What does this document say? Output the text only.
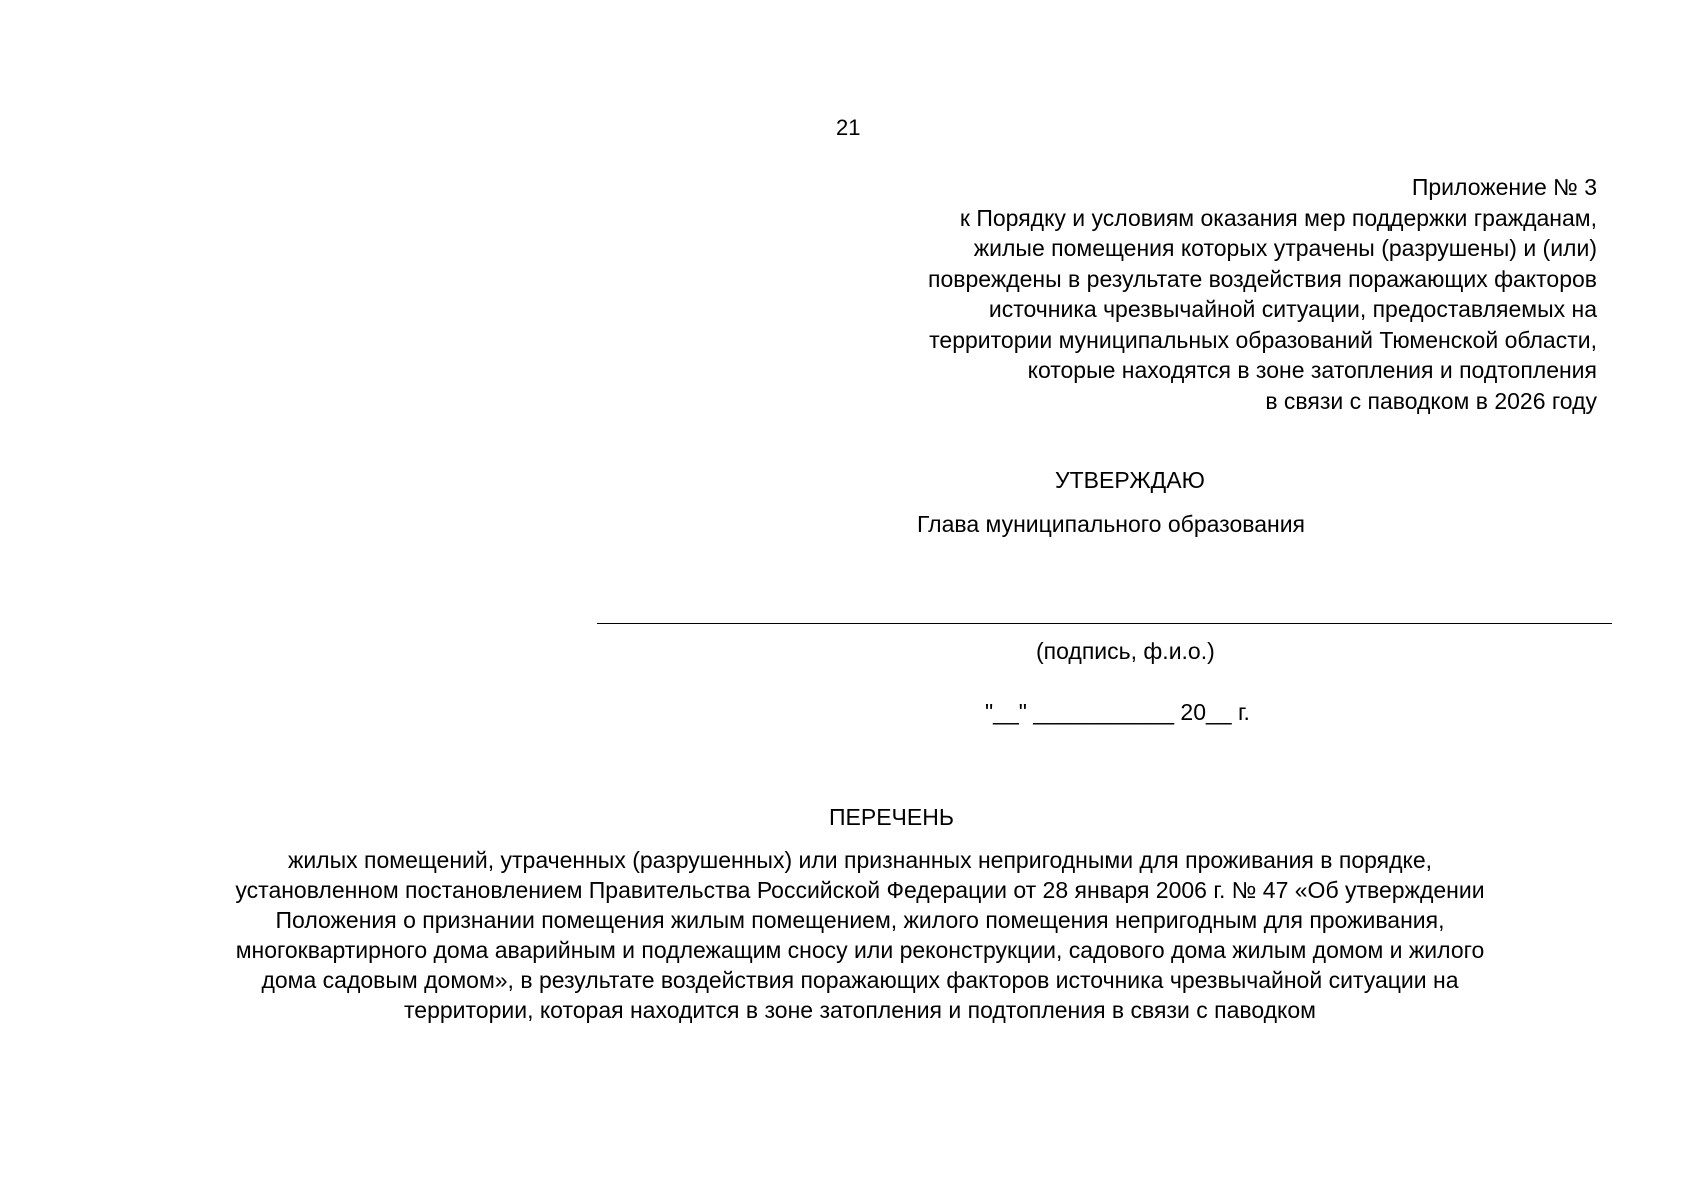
21
Приложение № 3
к Порядку и условиям оказания мер поддержки гражданам,
жилые помещения которых утрачены (разрушены) и (или)
повреждены в результате воздействия поражающих факторов
источника чрезвычайной ситуации, предоставляемых на
территории муниципальных образований Тюменской области,
которые находятся в зоне затопления и подтопления
в связи с паводком в 2026 году
УТВЕРЖДАЮ
Глава муниципального образования
(подпись, ф.и.о.)
"__" ___________ 20__ г.
ПЕРЕЧЕНЬ
жилых помещений, утраченных (разрушенных) или признанных непригодными для проживания в порядке,
установленном постановлением Правительства Российской Федерации от 28 января 2006 г. № 47 «Об утверждении
Положения о признании помещения жилым помещением, жилого помещения непригодным для проживания,
многоквартирного дома аварийным и подлежащим сносу или реконструкции, садового дома жилым домом и жилого
дома садовым домом», в результате воздействия поражающих факторов источника чрезвычайной ситуации на
территории, которая находится в зоне затопления и подтопления в связи с паводком
